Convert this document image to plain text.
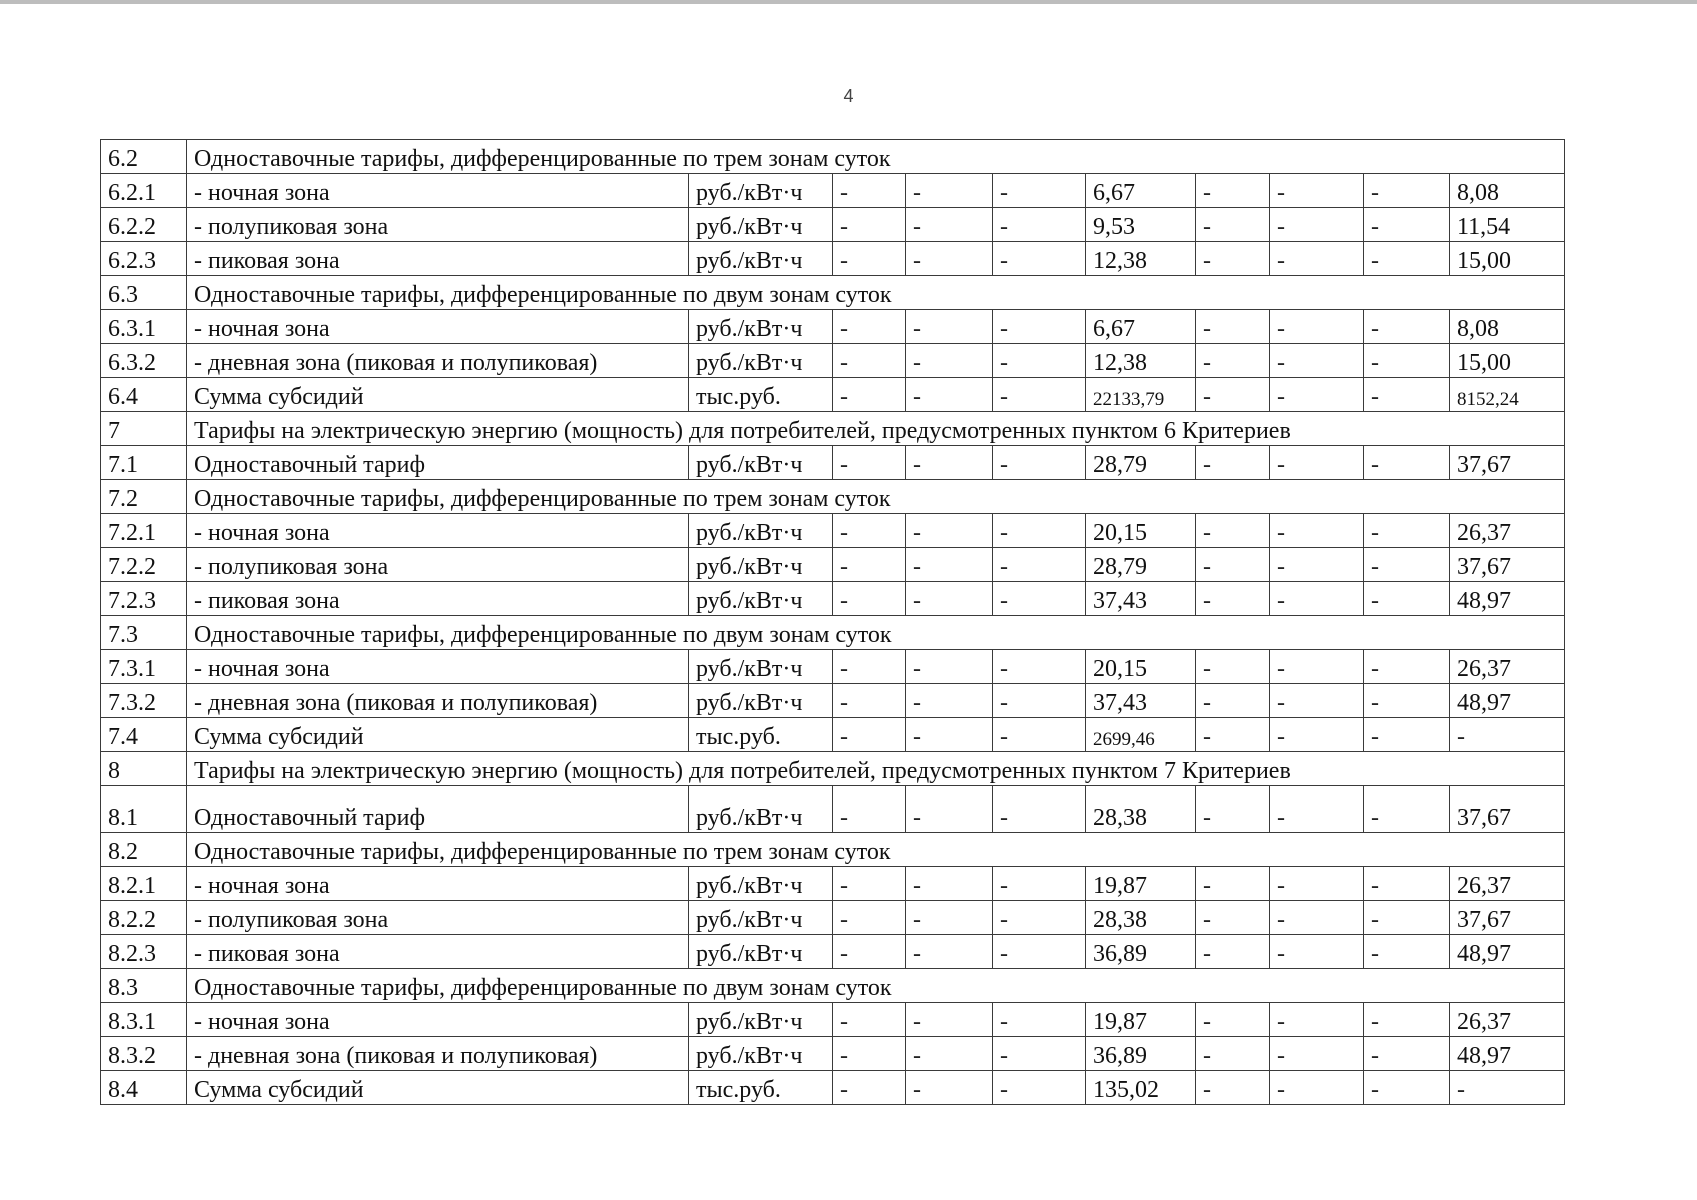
4
6.2	Одноставочные тарифы, дифференцированные по трем зонам суток									
6.2.1	- ночная зона	руб./кВт·ч	-	-	-	6,67	-	-	-	8,08
6.2.2	- полупиковая зона	руб./кВт·ч	-	-	-	9,53	-	-	-	11,54
6.2.3	- пиковая зона	руб./кВт·ч	-	-	-	12,38	-	-	-	15,00
6.3	Одноставочные тарифы, дифференцированные по двум зонам суток									
6.3.1	- ночная зона	руб./кВт·ч	-	-	-	6,67	-	-	-	8,08
6.3.2	- дневная зона (пиковая и полупиковая)	руб./кВт·ч	-	-	-	12,38	-	-	-	15,00
6.4	Сумма субсидий	тыс.руб.	-	-	-	22133,79	-	-	-	8152,24
7	Тарифы на электрическую энергию (мощность) для потребителей, предусмотренных пунктом 6 Критериев									
7.1	Одноставочный тариф	руб./кВт·ч	-	-	-	28,79	-	-	-	37,67
7.2	Одноставочные тарифы, дифференцированные по трем зонам суток									
7.2.1	- ночная зона	руб./кВт·ч	-	-	-	20,15	-	-	-	26,37
7.2.2	- полупиковая зона	руб./кВт·ч	-	-	-	28,79	-	-	-	37,67
7.2.3	- пиковая зона	руб./кВт·ч	-	-	-	37,43	-	-	-	48,97
7.3	Одноставочные тарифы, дифференцированные по двум зонам суток									
7.3.1	- ночная зона	руб./кВт·ч	-	-	-	20,15	-	-	-	26,37
7.3.2	- дневная зона (пиковая и полупиковая)	руб./кВт·ч	-	-	-	37,43	-	-	-	48,97
7.4	Сумма субсидий	тыс.руб.	-	-	-	2699,46	-	-	-	-
8	Тарифы на электрическую энергию (мощность) для потребителей, предусмотренных пунктом 7 Критериев									
8.1	Одноставочный тариф	руб./кВт·ч	-	-	-	28,38	-	-	-	37,67
8.2	Одноставочные тарифы, дифференцированные по трем зонам суток									
8.2.1	- ночная зона	руб./кВт·ч	-	-	-	19,87	-	-	-	26,37
8.2.2	- полупиковая зона	руб./кВт·ч	-	-	-	28,38	-	-	-	37,67
8.2.3	- пиковая зона	руб./кВт·ч	-	-	-	36,89	-	-	-	48,97
8.3	Одноставочные тарифы, дифференцированные по двум зонам суток									
8.3.1	- ночная зона	руб./кВт·ч	-	-	-	19,87	-	-	-	26,37
8.3.2	- дневная зона (пиковая и полупиковая)	руб./кВт·ч	-	-	-	36,89	-	-	-	48,97
8.4	Сумма субсидий	тыс.руб.	-	-	-	135,02	-	-	-	-
